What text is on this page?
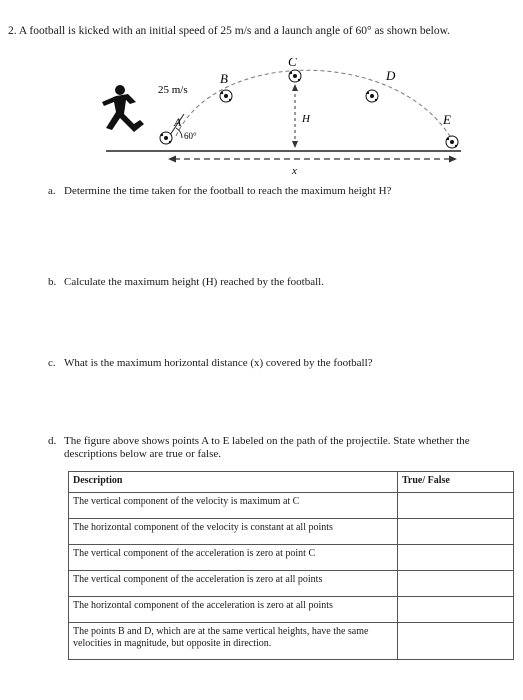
2. A football is kicked with an initial speed of 25 m/s and a launch angle of 60° as shown below.
25 m/s
60°
A
B
C
D
E
H
x
a. Determine the time taken for the football to reach the maximum height H?
b. Calculate the maximum height (H) reached by the football.
c. What is the maximum horizontal distance (x) covered by the football?
d. The figure above shows points A to E labeled on the path of the projectile. State whether the descriptions below are true or false.
Description	True/ False
The vertical component of the velocity is maximum at C	
The horizontal component of the velocity is constant at all points	
The vertical component of the acceleration is zero at point C	
The vertical component of the acceleration is zero at all points	
The horizontal component of the acceleration is zero at all points	
The points B and D, which are at the same vertical heights, have the same velocities in magnitude, but opposite in direction.	
